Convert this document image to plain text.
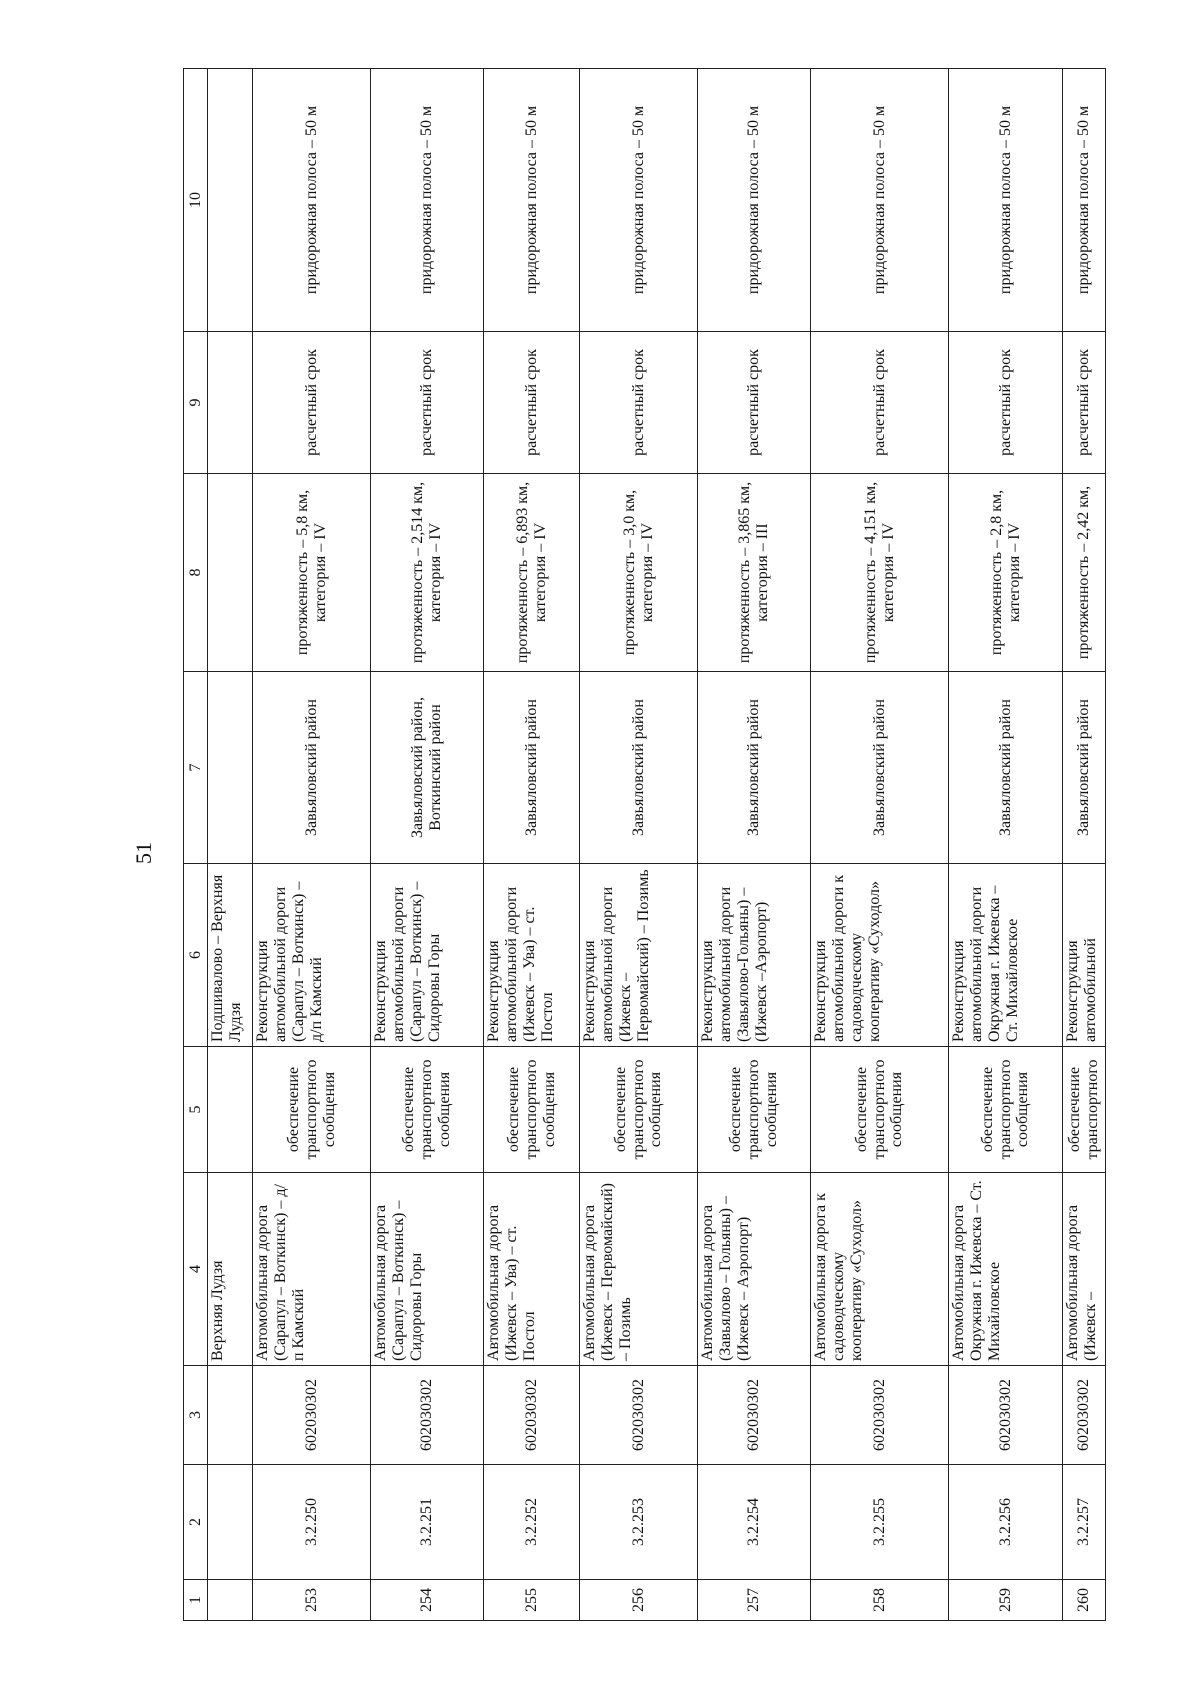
51
1	2	3	4	5	6	7	8	9	10
			Верхняя Лудзя		Подшивалово – Верхняя Лудзя				
253	3.2.250	602030302	Автомобильная дорога (Сарапул – Воткинск) – д/п Камский	обеспечение транспортного сообщения	Реконструкция автомобильной дороги (Сарапул – Воткинск) – д/п Камский	Завьяловский район	протяженность – 5,8 км, категория – IV	расчетный срок	придорожная полоса – 50 м
254	3.2.251	602030302	Автомобильная дорога (Сарапул – Воткинск) – Сидоровы Горы	обеспечение транспортного сообщения	Реконструкция автомобильной дороги (Сарапул – Воткинск) – Сидоровы Горы	Завьяловский район, Воткинский район	протяженность – 2,514 км, категория – IV	расчетный срок	придорожная полоса – 50 м
255	3.2.252	602030302	Автомобильная дорога (Ижевск – Ува) – ст. Постол	обеспечение транспортного сообщения	Реконструкция автомобильной дороги (Ижевск – Ува) – ст. Постол	Завьяловский район	протяженность – 6,893 км, категория – IV	расчетный срок	придорожная полоса – 50 м
256	3.2.253	602030302	Автомобильная дорога (Ижевск – Первомайский) – Позимь	обеспечение транспортного сообщения	Реконструкция автомобильной дороги (Ижевск – Первомайский) – Позимь	Завьяловский район	протяженность – 3,0 км, категория – IV	расчетный срок	придорожная полоса – 50 м
257	3.2.254	602030302	Автомобильная дорога (Завьялово – Гольяны) – (Ижевск – Аэропорт)	обеспечение транспортного сообщения	Реконструкция автомобильной дороги (Завьялово-Гольяны) – (Ижевск –Аэропорт)	Завьяловский район	протяженность – 3,865 км, категория – III	расчетный срок	придорожная полоса – 50 м
258	3.2.255	602030302	Автомобильная дорога к садоводческому кооперативу «Суходол»	обеспечение транспортного сообщения	Реконструкция автомобильной дороги к садоводческому кооперативу «Суходол»	Завьяловский район	протяженность – 4,151 км, категория – IV	расчетный срок	придорожная полоса – 50 м
259	3.2.256	602030302	Автомобильная дорога Окружная г. Ижевска – Ст. Михайловское	обеспечение транспортного сообщения	Реконструкция автомобильной дороги Окружная г. Ижевска – Ст. Михайловское	Завьяловский район	протяженность – 2,8 км, категория – IV	расчетный срок	придорожная полоса – 50 м
260	3.2.257	602030302	Автомобильная дорога (Ижевск –	обеспечение транспортного	Реконструкция автомобильной	Завьяловский район	протяженность – 2,42 км,	расчетный срок	придорожная полоса – 50 м
